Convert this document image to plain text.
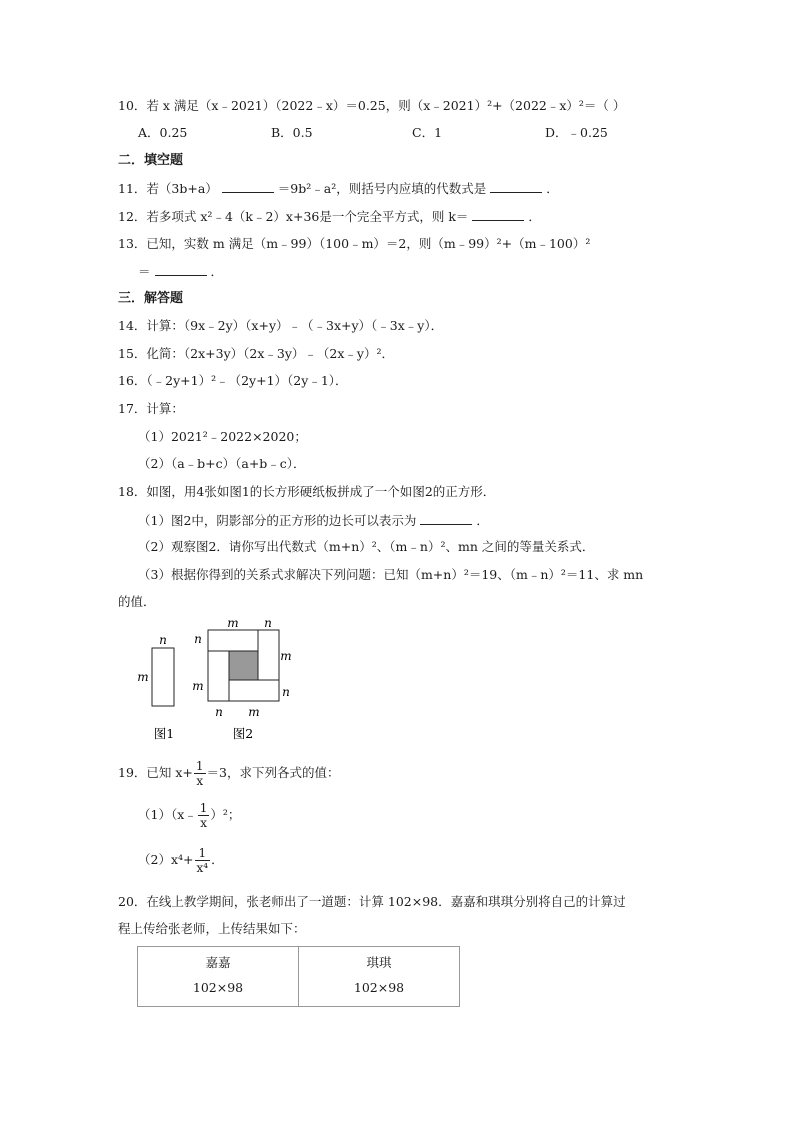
10．若 x 满足（x﹣2021）（2022﹣x）＝0.25，则（x﹣2021）²+（2022﹣x）²＝（ ）
A．0.25	B．0.5	C．1	D．﹣0.25
二．填空题
11．若（3b+a）	＝9b²﹣a²，则括号内应填的代数式是	．
12．若多项式 x²﹣4（k﹣2）x+36是一个完全平方式，则 k＝	．
13．已知，实数 m 满足（m﹣99）（100﹣m）＝2，则（m﹣99）²+（m﹣100）²
＝	．
三．解答题
14．计算：（9x﹣2y）（x+y）﹣（﹣3x+y）（﹣3x﹣y）．
15．化简：（2x+3y）（2x﹣3y）﹣（2x﹣y）²．
16．（﹣2y+1）²﹣（2y+1）（2y﹣1）．
17．计算：
（1）2021²﹣2022×2020；
（2）（a﹣b+c）（a+b﹣c）．
18．如图，用4张如图1的长方形硬纸板拼成了一个如图2的正方形．
（1）图2中，阴影部分的正方形的边长可以表示为	．
（2）观察图2．请你写出代数式（m+n）²、（m﹣n）²、mn 之间的等量关系式．
（3）根据你得到的关系式求解决下列问题：已知（m+n）²＝19、（m﹣n）²＝11、求 mn
的值．
n
m
图1
m n
n
m
m
n
n m
图2
19．已知 $x+ \frac{1}{x} =3$，求下列各式的值：
（1）（x﹣ $\frac{1}{x} )^2$；
$(2)x^4+ \frac{1}{\text{x⁴}}$ ．
20．在线上教学期间，张老师出了一道题：计算 102×98．嘉嘉和琪琪分别将自己的计算过
程上传给张老师，上传结果如下：
嘉嘉	琪琪
102×98	102×98
